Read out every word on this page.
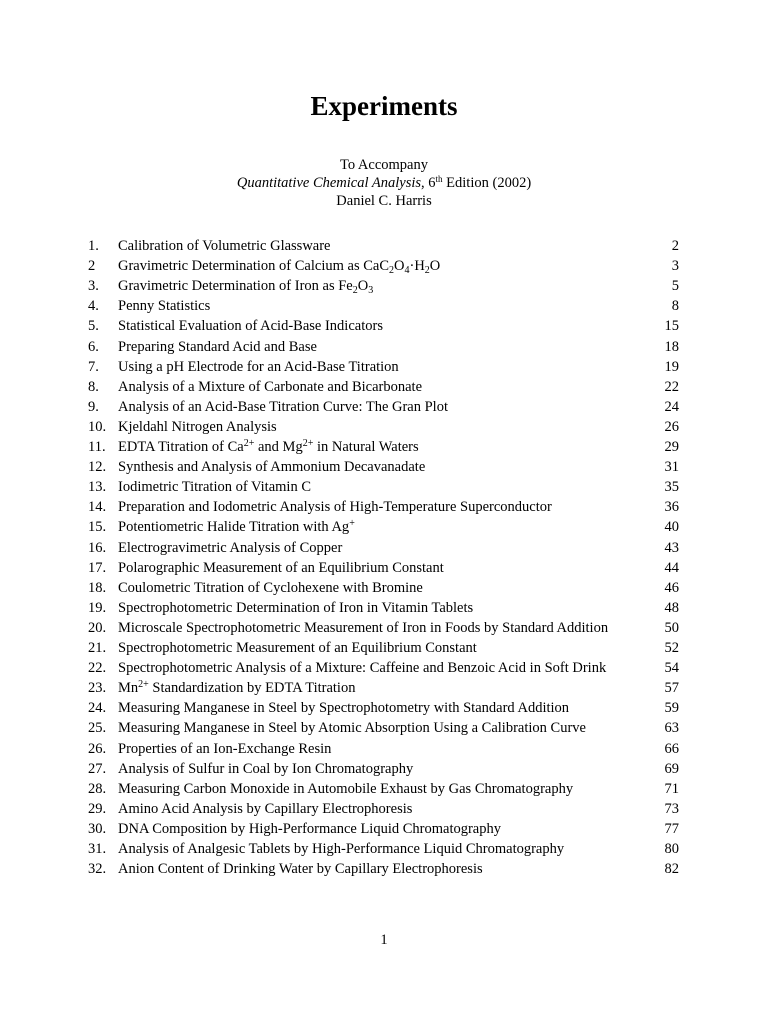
Experiments
To Accompany
Quantitative Chemical Analysis, 6th Edition (2002)
Daniel C. Harris
1.	Calibration of Volumetric Glassware	2
2	Gravimetric Determination of Calcium as $CaC_2O_4\cdot H_2O$	3
3.	Gravimetric Determination of Iron as $Fe_2O_3$	5
4.	Penny Statistics	8
5.	Statistical Evaluation of Acid-Base Indicators	15
6.	Preparing Standard Acid and Base	18
7.	Using a pH Electrode for an Acid-Base Titration	19
8.	Analysis of a Mixture of Carbonate and Bicarbonate	22
9.	Analysis of an Acid-Base Titration Curve: The Gran Plot	24
10. Kjeldahl Nitrogen Analysis	26
11. EDTA Titration of $Ca^{2+}$ and $Mg^{2+}$ in Natural Waters	29
12. Synthesis and Analysis of Ammonium Decavanadate	31
13. Iodimetric Titration of Vitamin C	35
14. Preparation and Iodometric Analysis of High-Temperature Superconductor	36
15. Potentiometric Halide Titration with Ag+	40
16. Electrogravimetric Analysis of Copper	43
17. Polarographic Measurement of an Equilibrium Constant	44
18. Coulometric Titration of Cyclohexene with Bromine	46
19. Spectrophotometric Determination of Iron in Vitamin Tablets	48
20. Microscale Spectrophotometric Measurement of Iron in Foods by Standard Addition	50
21. Spectrophotometric Measurement of an Equilibrium Constant	52
22. Spectrophotometric Analysis of a Mixture: Caffeine and Benzoic Acid in Soft Drink	54
23. $Mn^{2+}$ Standardization by EDTA Titration	57
24. Measuring Manganese in Steel by Spectrophotometry with Standard Addition	59
25. Measuring Manganese in Steel by Atomic Absorption Using a Calibration Curve	63
26. Properties of an Ion-Exchange Resin	66
27. Analysis of Sulfur in Coal by Ion Chromatography	69
28. Measuring Carbon Monoxide in Automobile Exhaust by Gas Chromatography	71
29. Amino Acid Analysis by Capillary Electrophoresis	73
30. DNA Composition by High-Performance Liquid Chromatography	77
31. Analysis of Analgesic Tablets by High-Performance Liquid Chromatography	80
32. Anion Content of Drinking Water by Capillary Electrophoresis	82
1
